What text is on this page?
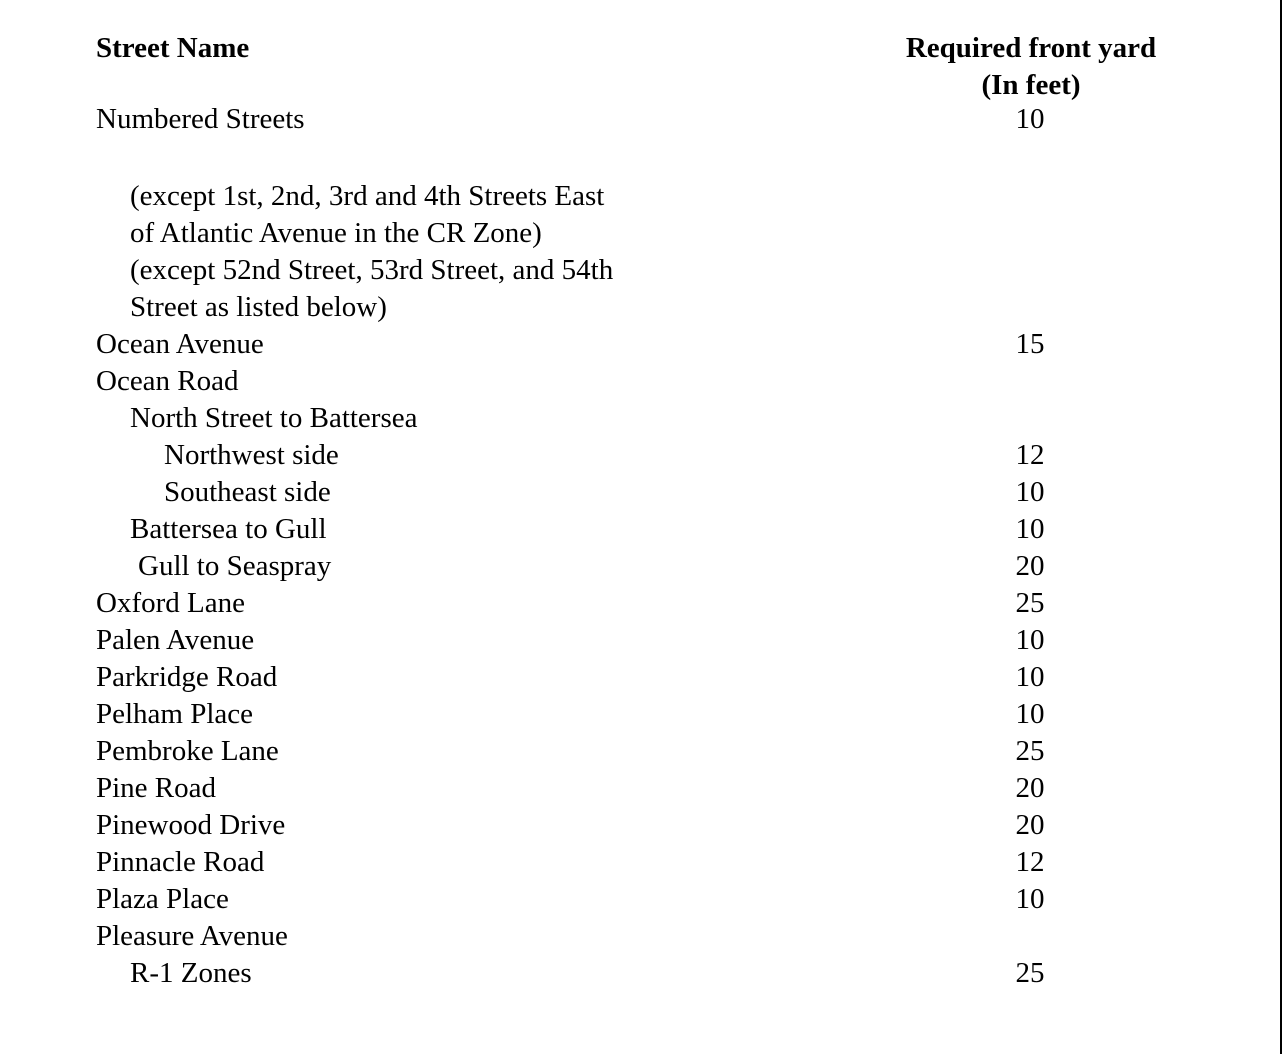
Street Name	Required front yard
(In feet)
Numbered Streets	10
(except 1st, 2nd, 3rd and 4th Streets East
of Atlantic Avenue in the CR Zone)
(except 52nd Street, 53rd Street, and 54th
Street as listed below)
Ocean Avenue	15
Ocean Road
North Street to Battersea
Northwest side	12
Southeast side	10
Battersea to Gull	10
Gull to Seaspray	20
Oxford Lane	25
Palen Avenue	10
Parkridge Road	10
Pelham Place	10
Pembroke Lane	25
Pine Road	20
Pinewood Drive	20
Pinnacle Road	12
Plaza Place	10
Pleasure Avenue
R-1 Zones	25
